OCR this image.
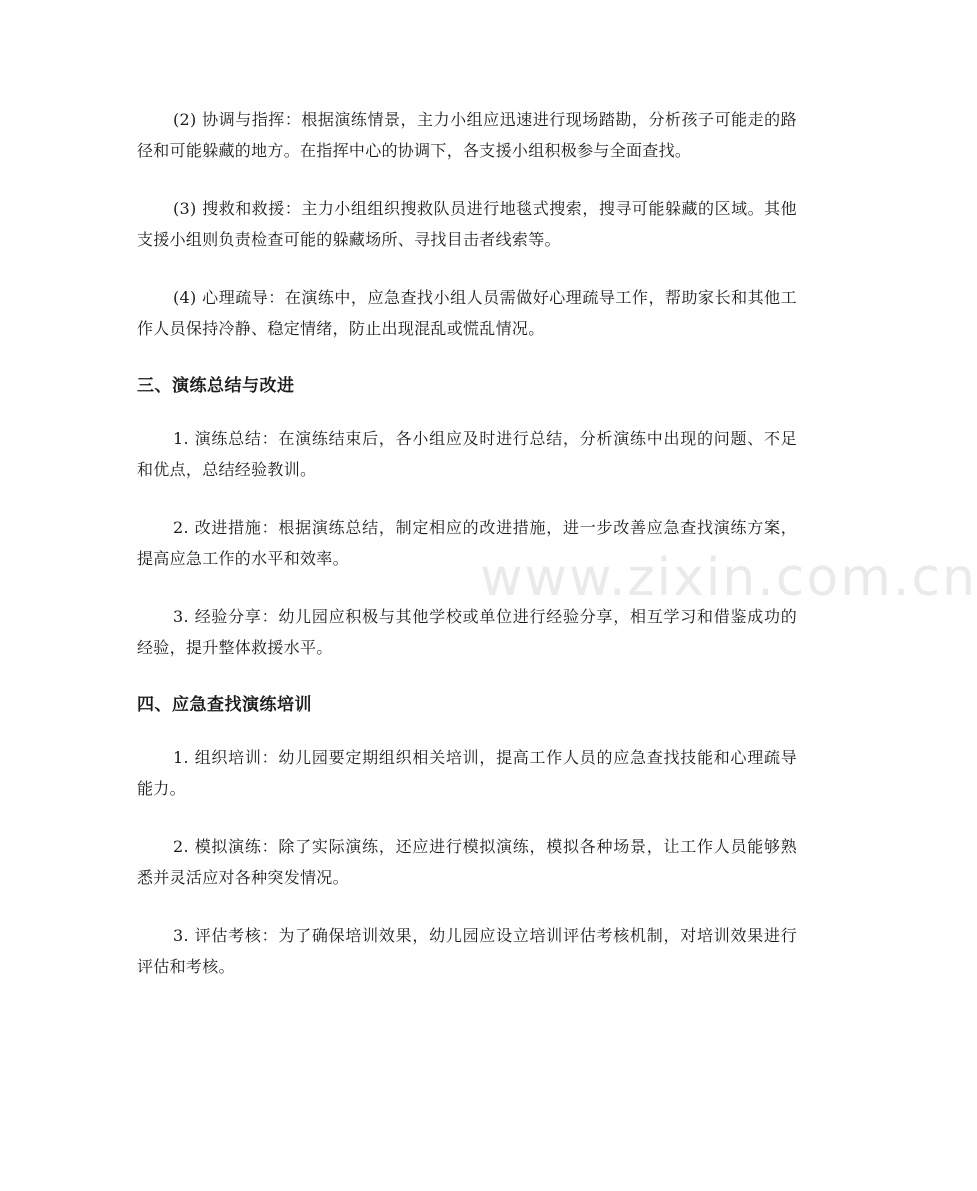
(2) 协调与指挥：根据演练情景，主力小组应迅速进行现场踏勘，分析孩子可能走的路径和可能躲藏的地方。在指挥中心的协调下，各支援小组积极参与全面查找。

(3) 搜救和救援：主力小组组织搜救队员进行地毯式搜索，搜寻可能躲藏的区域。其他支援小组则负责检查可能的躲藏场所、寻找目击者线索等。

(4) 心理疏导：在演练中，应急查找小组人员需做好心理疏导工作，帮助家长和其他工作人员保持冷静、稳定情绪，防止出现混乱或慌乱情况。

三、演练总结与改进

1. 演练总结：在演练结束后，各小组应及时进行总结，分析演练中出现的问题、不足和优点，总结经验教训。

2. 改进措施：根据演练总结，制定相应的改进措施，进一步改善应急查找演练方案，提高应急工作的水平和效率。

3. 经验分享：幼儿园应积极与其他学校或单位进行经验分享，相互学习和借鉴成功的经验，提升整体救援水平。

四、应急查找演练培训

1. 组织培训：幼儿园要定期组织相关培训，提高工作人员的应急查找技能和心理疏导能力。

2. 模拟演练：除了实际演练，还应进行模拟演练，模拟各种场景，让工作人员能够熟悉并灵活应对各种突发情况。

3. 评估考核：为了确保培训效果，幼儿园应设立培训评估考核机制，对培训效果进行评估和考核。

www.zixin.com.cn
